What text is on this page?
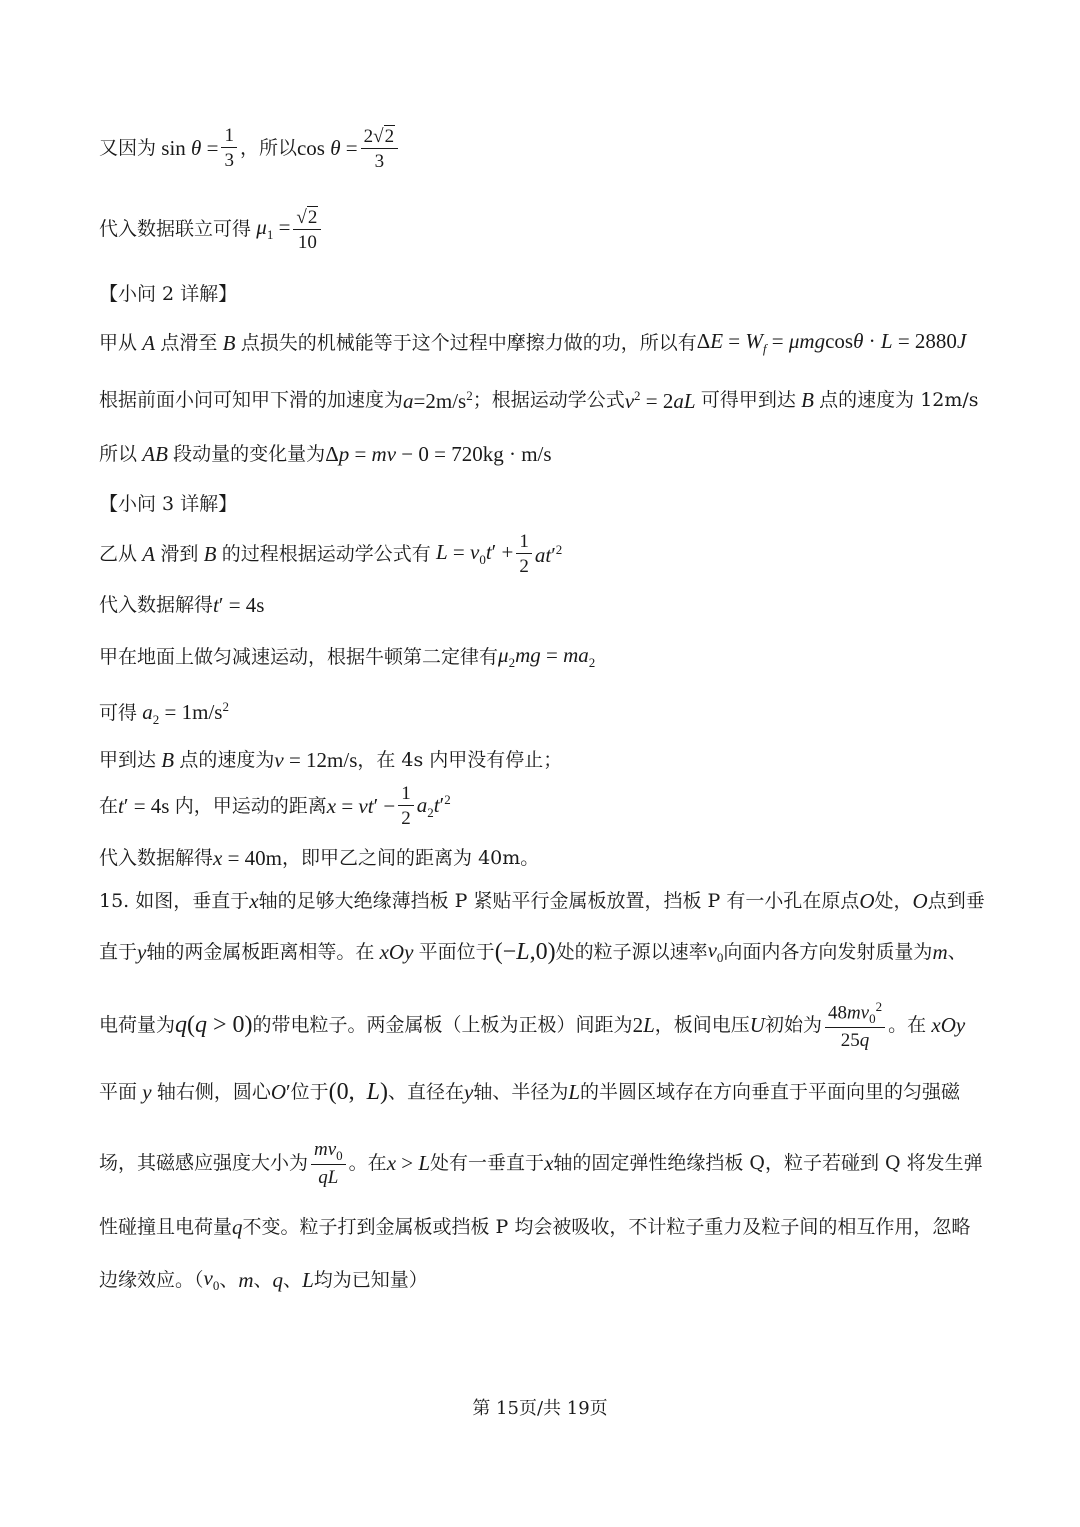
又因为 $\sin \theta = \frac{1}{3}$ ，所以 $\cos \theta = \frac{2√ 2}{3}$
代入数据联立可得 $\mu_1 = \frac{√ 2}{10}$
【小问 2 详解】
甲从 A 点滑至 B 点损失的机械能等于这个过程中摩擦力做的功，所以有 $\Delta E = W_f = \mu mgcos\theta \cdot L = 2880J$
根据前面小问可知甲下滑的加速度为 $a=2m/s^2$ ；根据运动学公式 $v^2 = 2aL$ 可得甲到达 B 点的速度为 12m/s
所以 AB 段动量的变化量为 Δp = mv − 0 = 720kg · m/s
【小问 3 详解】
乙从 A 滑到 B 的过程根据运动学公式有 $L = v_0t' + \frac{1}{2} at'^2$
代入数据解得 t′ = 4s
甲在地面上做匀减速运动，根据牛顿第二定律有 $\mu_2mg = ma_2$
可得 $a_2 = 1m/s^2$
甲到达 B 点的速度为 v = 12m/s ，在 4s 内甲没有停止；
在 t′ = 4s 内，甲运动的距离 $x = vt' - \frac{1}{2} a_2t'^2$
代入数据解得 x = 40m ，即甲乙之间的距离为 40m。
15. 如图，垂直于 x 轴的足够大绝缘薄挡板 P 紧贴平行金属板放置，挡板 P 有一小孔在原点 O 处， O 点到垂
直于 y 轴的两金属板距离相等。在 xOy 平面位于 (−L,0) 处的粒子源以速率 $v_0$ 向面内各方向发射质量为 m 、
电荷量为 q(q > 0) 的带电粒子。两金属板（上板为正极）间距为 2L ，板间电压 U 初始为 $\frac{48mv_0^2}{25q}$ 。在 xOy
平面 y 轴右侧，圆心 O′ 位于 (0,  L) 、直径在 y 轴、半径为 L 的半圆区域存在方向垂直于平面向里的匀强磁
场，其磁感应强度大小为 $\frac{mv_0}{qL}$ 。在 x > L 处有一垂直于 x 轴的固定弹性绝缘挡板 Q，粒子若碰到 Q 将发生弹
性碰撞且电荷量 q 不变。粒子打到金属板或挡板 P 均会被吸收，不计粒子重力及粒子间的相互作用，忽略
边缘效应。（ $v_0$ 、 m 、 q 、 L 均为已知量）
第 15页/共 19页
